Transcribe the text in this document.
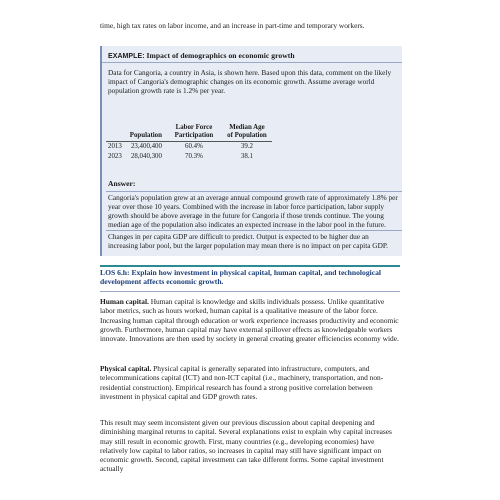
time, high tax rates on labor income, and an increase in part-time and temporary workers.

EXAMPLE: Impact of demographics on economic growth

Data for Cangoria, a country in Asia, is shown here. Based upon this data, comment on the likely impact of Cangoria's demographic changes on its economic growth. Assume average world population growth rate is 1.2% per year.

	Population	Labor Force Participation	Median Age of Population
2013	23,400,400	60.4%	39.2
2023	28,040,300	70.3%	38.1
Answer:

Cangoria's population grew at an average annual compound growth rate of approximately 1.8% per year over those 10 years. Combined with the increase in labor force participation, labor supply growth should be above average in the future for Cangoria if those trends continue. The young median age of the population also indicates an expected increase in the labor pool in the future.

Changes in per capita GDP are difficult to predict. Output is expected to be higher due an increasing labor pool, but the larger population may mean there is no impact on per capita GDP.

LOS 6.h: Explain how investment in physical capital, human capital, and technological development affects economic growth.

Human capital. Human capital is knowledge and skills individuals possess. Unlike quantitative labor metrics, such as hours worked, human capital is a qualitative measure of the labor force. Increasing human capital through education or work experience increases productivity and economic growth. Furthermore, human capital may have external spillover effects as knowledgeable workers innovate. Innovations are then used by society in general creating greater efficiencies economy wide.

Physical capital. Physical capital is generally separated into infrastructure, computers, and telecommunications capital (ICT) and non-ICT capital (i.e., machinery, transportation, and non-residential construction). Empirical research has found a strong positive correlation between investment in physical capital and GDP growth rates.

This result may seem inconsistent given our previous discussion about capital deepening and diminishing marginal returns to capital. Several explanations exist to explain why capital increases may still result in economic growth. First, many countries (e.g., developing economies) have relatively low capital to labor ratios, so increases in capital may still have significant impact on economic growth. Second, capital investment can take different forms. Some capital investment actually
